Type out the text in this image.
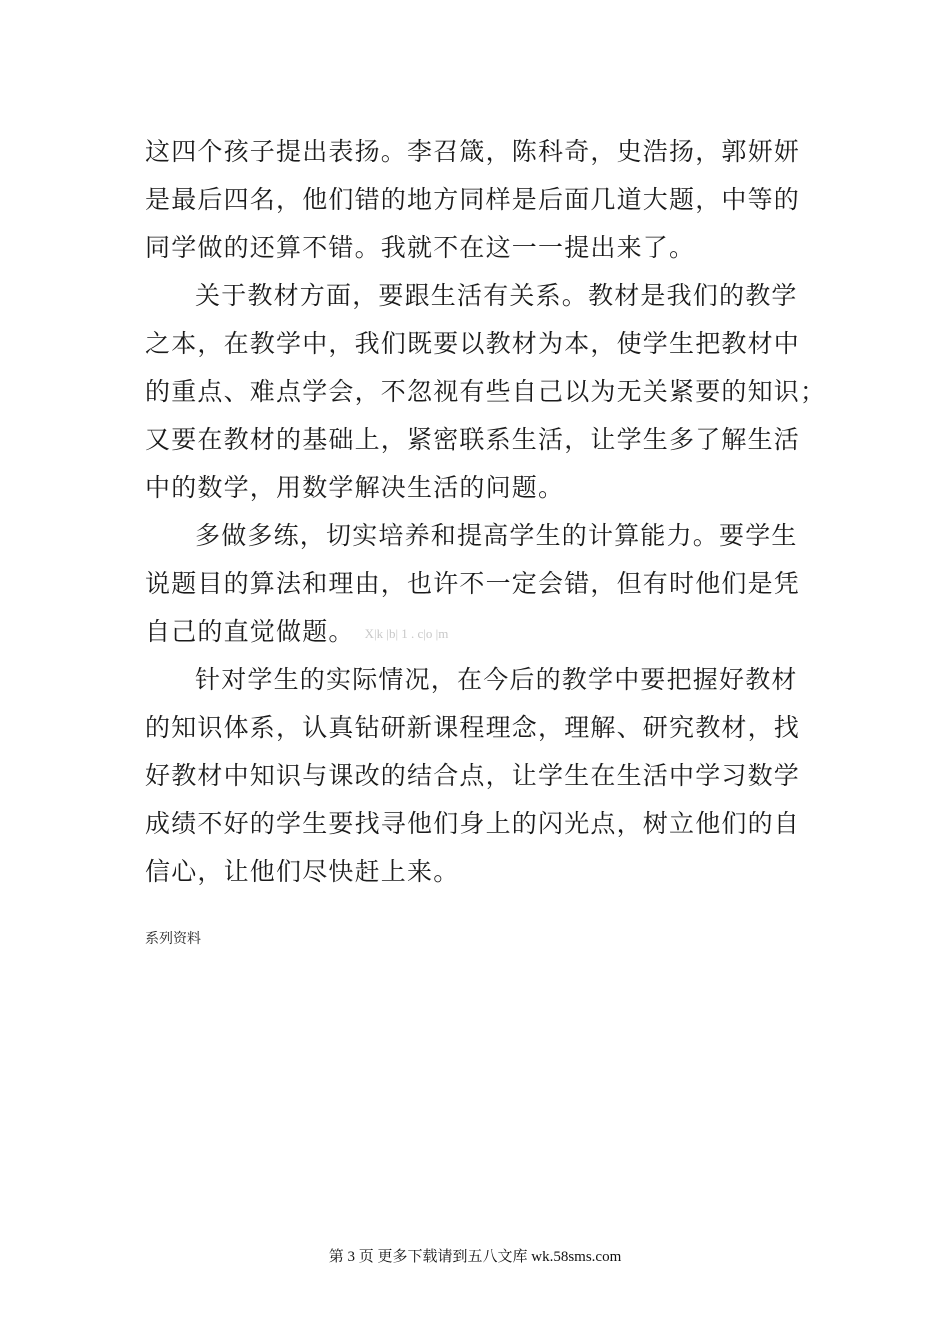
这四个孩子提出表扬。李召箴，陈科奇，史浩扬，郭妍妍
是最后四名，他们错的地方同样是后面几道大题，中等的
同学做的还算不错。我就不在这一一提出来了。
关于教材方面，要跟生活有关系。教材是我们的教学
之本，在教学中，我们既要以教材为本，使学生把教材中
的重点、难点学会，不忽视有些自己以为无关紧要的知识；
又要在教材的基础上，紧密联系生活，让学生多了解生活
中的数学，用数学解决生活的问题。
多做多练，切实培养和提高学生的计算能力。要学生
说题目的算法和理由，也许不一定会错，但有时他们是凭
自己的直觉做题。 X|k |b| 1 . c|o |m
针对学生的实际情况，在今后的教学中要把握好教材
的知识体系，认真钻研新课程理念，理解、研究教材，找
好教材中知识与课改的结合点，让学生在生活中学习数学
成绩不好的学生要找寻他们身上的闪光点，树立他们的自
信心，让他们尽快赶上来。
系列资料
第 3 页 更多下载请到五八文库 wk.58sms.com
